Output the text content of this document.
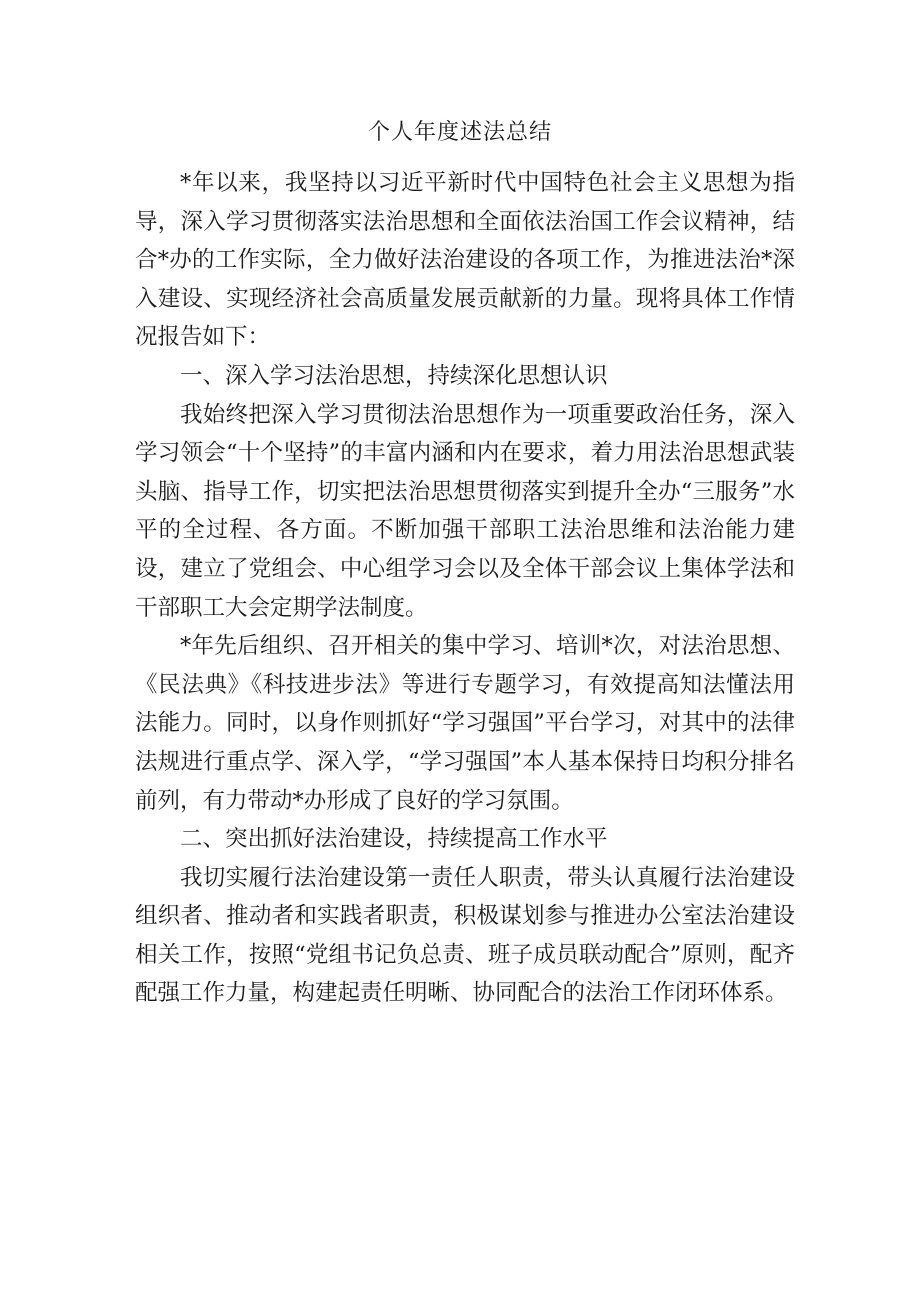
个人年度述法总结

*年以来，我坚持以习近平新时代中国特色社会主义思想为指导，深入学习贯彻落实法治思想和全面依法治国工作会议精神，结合*办的工作实际，全力做好法治建设的各项工作，为推进法治*深入建设、实现经济社会高质量发展贡献新的力量。现将具体工作情况报告如下：

一、深入学习法治思想，持续深化思想认识

我始终把深入学习贯彻法治思想作为一项重要政治任务，深入学习领会“十个坚持”的丰富内涵和内在要求，着力用法治思想武装头脑、指导工作，切实把法治思想贯彻落实到提升全办“三服务”水平的全过程、各方面。不断加强干部职工法治思维和法治能力建设，建立了党组会、中心组学习会以及全体干部会议上集体学法和干部职工大会定期学法制度。

*年先后组织、召开相关的集中学习、培训*次，对法治思想、《民法典》《科技进步法》等进行专题学习，有效提高知法懂法用法能力。同时，以身作则抓好“学习强国”平台学习，对其中的法律法规进行重点学、深入学，“学习强国”本人基本保持日均积分排名前列，有力带动*办形成了良好的学习氛围。

二、突出抓好法治建设，持续提高工作水平

我切实履行法治建设第一责任人职责，带头认真履行法治建设组织者、推动者和实践者职责，积极谋划参与推进办公室法治建设相关工作，按照“党组书记负总责、班子成员联动配合”原则，配齐配强工作力量，构建起责任明晰、协同配合的法治工作闭环体系。
